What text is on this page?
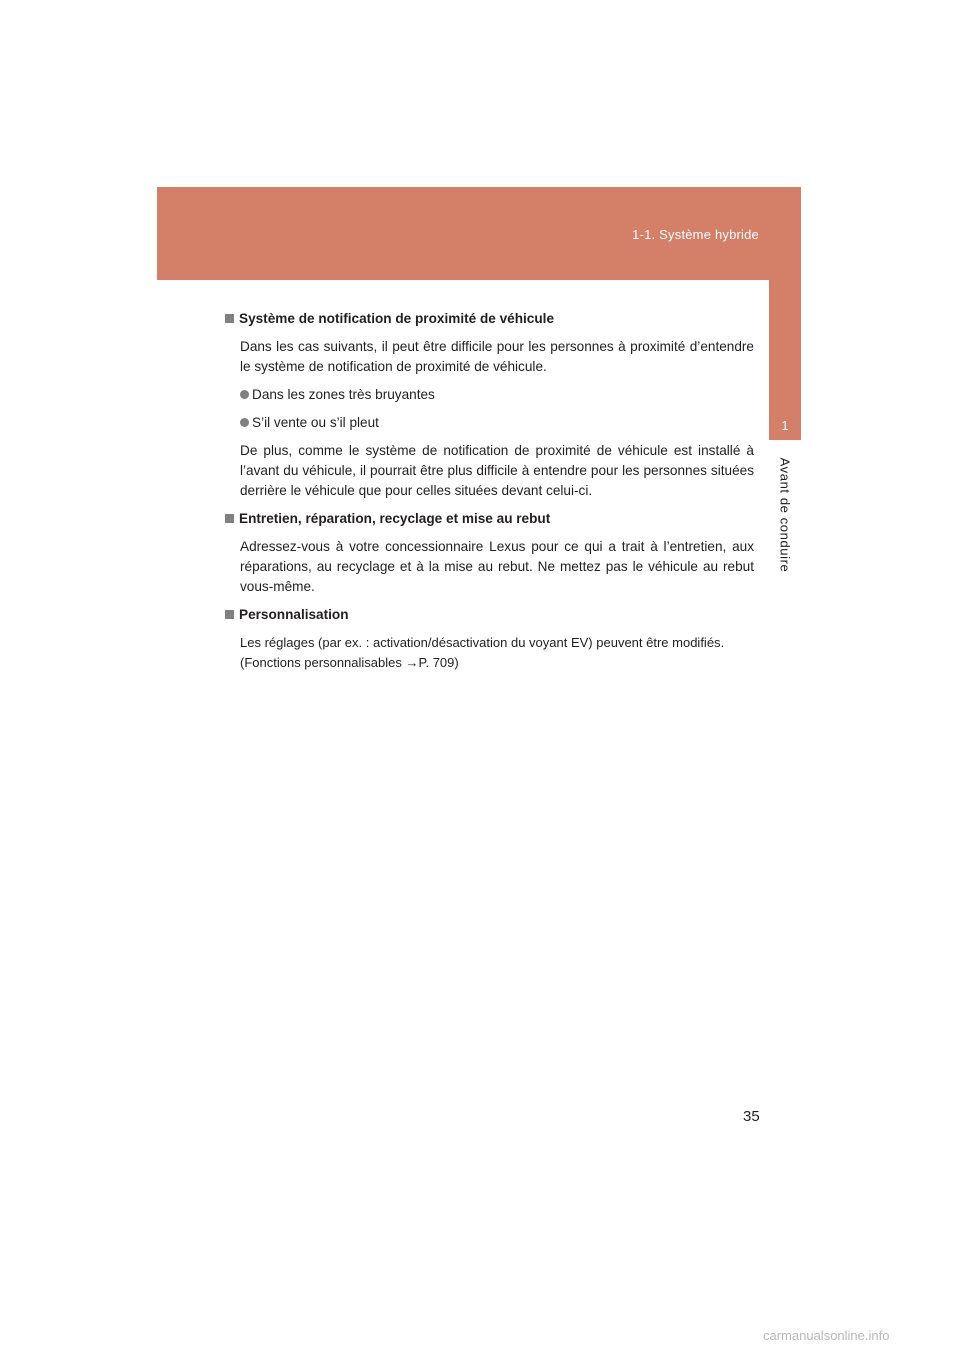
1-1. Système hybride
1
Avant de conduire
Système de notification de proximité de véhicule

Dans les cas suivants, il peut être difficile pour les personnes à proximité d’entendre le système de notification de proximité de véhicule.

Dans les zones très bruyantes
S’il vente ou s’il pleut

De plus, comme le système de notification de proximité de véhicule est installé à l’avant du véhicule, il pourrait être plus difficile à entendre pour les personnes situées derrière le véhicule que pour celles situées devant celui-ci.

Entretien, réparation, recyclage et mise au rebut

Adressez-vous à votre concessionnaire Lexus pour ce qui a trait à l’entretien, aux réparations, au recyclage et à la mise au rebut. Ne mettez pas le véhicule au rebut vous-même.

Personnalisation

Les réglages (par ex. : activation/désactivation du voyant EV) peuvent être modifiés.

(Fonctions personnalisables →P. 709)

35
carmanualsonline.info
